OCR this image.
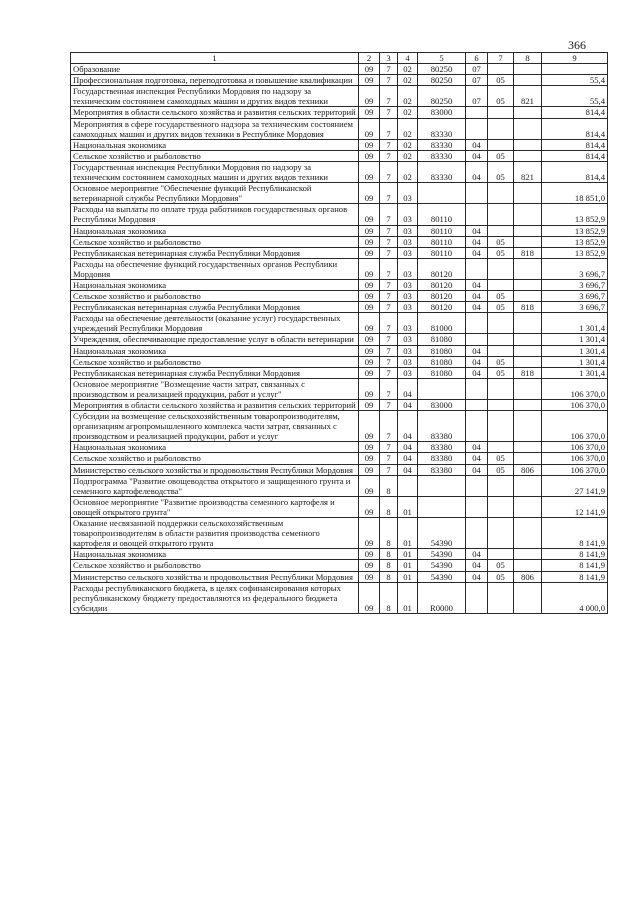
366
1	2	3	4	5	6	7	8	9
Образование	09	7	02	80250	07			
Профессиональная подготовка, переподготовка и повышение квалификации	09	7	02	80250	07	05		55,4
Государственная инспекция Республики Мордовия по надзору за техническим состоянием самоходных машин и других видов техники	09	7	02	80250	07	05	821	55,4
Мероприятия в области сельского хозяйства и развития сельских территорий	09	7	02	83000				814,4
Мероприятия в сфере государственного надзора за техническим состоянием самоходных машин и других видов техники в Республике Мордовия	09	7	02	83330				814,4
Национальная экономика	09	7	02	83330	04			814,4
Сельское хозяйство и рыболовство	09	7	02	83330	04	05		814,4
Государственная инспекция Республики Мордовия по надзору за техническим состоянием самоходных машин и других видов техники	09	7	02	83330	04	05	821	814,4
Основное мероприятие "Обеспечение функций Республиканской ветеринарной службы Республики Мордовия"	09	7	03					18 851,0
Расходы на выплаты по оплате труда работников государственных органов Республики Мордовия	09	7	03	80110				13 852,9
Национальная экономика	09	7	03	80110	04			13 852,9
Сельское хозяйство и рыболовство	09	7	03	80110	04	05		13 852,9
Республиканская ветеринарная служба Республики Мордовия	09	7	03	80110	04	05	818	13 852,9
Расходы на обеспечение функций государственных органов Республики Мордовия	09	7	03	80120				3 696,7
Национальная экономика	09	7	03	80120	04			3 696,7
Сельское хозяйство и рыболовство	09	7	03	80120	04	05		3 696,7
Республиканская ветеринарная служба Республики Мордовия	09	7	03	80120	04	05	818	3 696,7
Расходы на обеспечение деятельности (оказание услуг) государственных учреждений Республики Мордовия	09	7	03	81000				1 301,4
Учреждения, обеспечивающие предоставление услуг в области ветеринарии	09	7	03	81080				1 301,4
Национальная экономика	09	7	03	81080	04			1 301,4
Сельское хозяйство и рыболовство	09	7	03	81080	04	05		1 301,4
Республиканская ветеринарная служба Республики Мордовия	09	7	03	81080	04	05	818	1 301,4
Основное мероприятие "Возмещение части затрат, связанных с производством и реализацией продукции, работ и услуг"	09	7	04					106 370,0
Мероприятия в области сельского хозяйства и развития сельских территорий	09	7	04	83000				106 370,0
Субсидии на возмещение сельскохозяйственным товаропроизводителям, организациям агропромышленного комплекса части затрат, связанных с производством и реализацией продукции, работ и услуг	09	7	04	83380				106 370,0
Национальная экономика	09	7	04	83380	04			106 370,0
Сельское хозяйство и рыболовство	09	7	04	83380	04	05		106 370,0
Министерство сельского хозяйства и продовольствия Республики Мордовия	09	7	04	83380	04	05	806	106 370,0
Подпрограмма "Развитие овощеводства открытого и защищенного грунта и семенного картофелеводства"	09	8						27 141,9
Основное мероприятие "Развитие производства семенного картофеля и овощей открытого грунта"	09	8	01					12 141,9
Оказание несвязанной поддержки сельскохозяйственным товаропроизводителям в области развития производства семенного картофеля и овощей открытого грунта	09	8	01	54390				8 141,9
Национальная экономика	09	8	01	54390	04			8 141,9
Сельское хозяйство и рыболовство	09	8	01	54390	04	05		8 141,9
Министерство сельского хозяйства и продовольствия Республики Мордовия	09	8	01	54390	04	05	806	8 141,9
Расходы республиканского бюджета, в целях софинансирования которых республиканскому бюджету предоставляются из федерального бюджета субсидии	09	8	01	R0000				4 000,0
